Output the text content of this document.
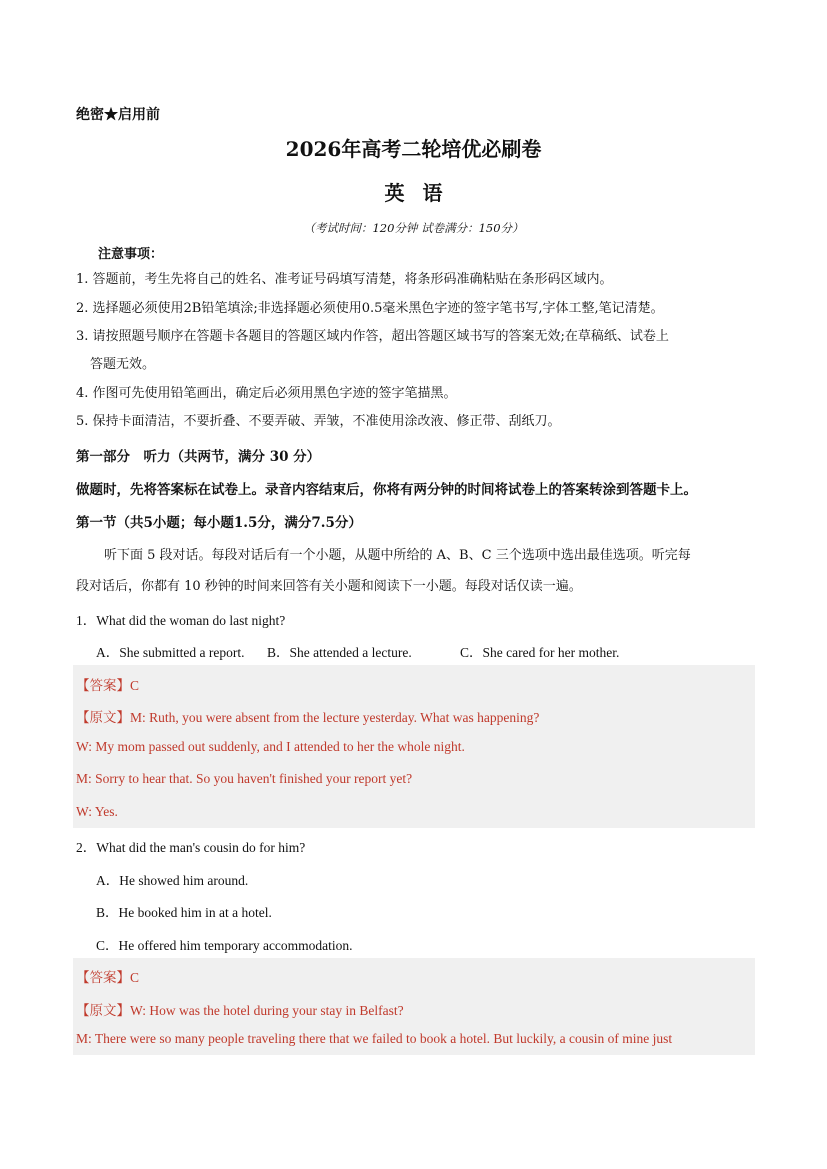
绝密★启用前
2026年高考二轮培优必刷卷
英语
（考试时间：120分钟 试卷满分：150分）
注意事项：
1. 答题前，考生先将自己的姓名、准考证号码填写清楚，将条形码准确粘贴在条形码区域内。
2. 选择题必须使用2B铅笔填涂;非选择题必须使用0.5毫米黑色字迹的签字笔书写,字体工整,笔记清楚。
3. 请按照题号顺序在答题卡各题目的答题区域内作答，超出答题区域书写的答案无效;在草稿纸、试卷上
答题无效。
4. 作图可先使用铅笔画出，确定后必须用黑色字迹的签字笔描黑。
5. 保持卡面清洁，不要折叠、不要弄破、弄皱，不准使用涂改液、修正带、刮纸刀。
第一部分　听力（共两节，满分 30 分）
做题时，先将答案标在试卷上。录音内容结束后，你将有两分钟的时间将试卷上的答案转涂到答题卡上。
第一节（共5小题；每小题1.5分，满分7.5分）
听下面 5 段对话。每段对话后有一个小题，从题中所给的 A、B、C 三个选项中选出最佳选项。听完每
段对话后，你都有 10 秒钟的时间来回答有关小题和阅读下一小题。每段对话仅读一遍。
1．What did the woman do last night?
A．She submitted a report. B．She attended a lecture.	C．She cared for her mother.
【答案】C
【原文】M: Ruth, you were absent from the lecture yesterday. What was happening?
W: My mom passed out suddenly, and I attended to her the whole night.
M: Sorry to hear that. So you haven't finished your report yet?
W: Yes.
2．What did the man's cousin do for him?
A．He showed him around.
B．He booked him in at a hotel.
C．He offered him temporary accommodation.
【答案】C
【原文】W: How was the hotel during your stay in Belfast?
M: There were so many people traveling there that we failed to book a hotel. But luckily, a cousin of mine just
